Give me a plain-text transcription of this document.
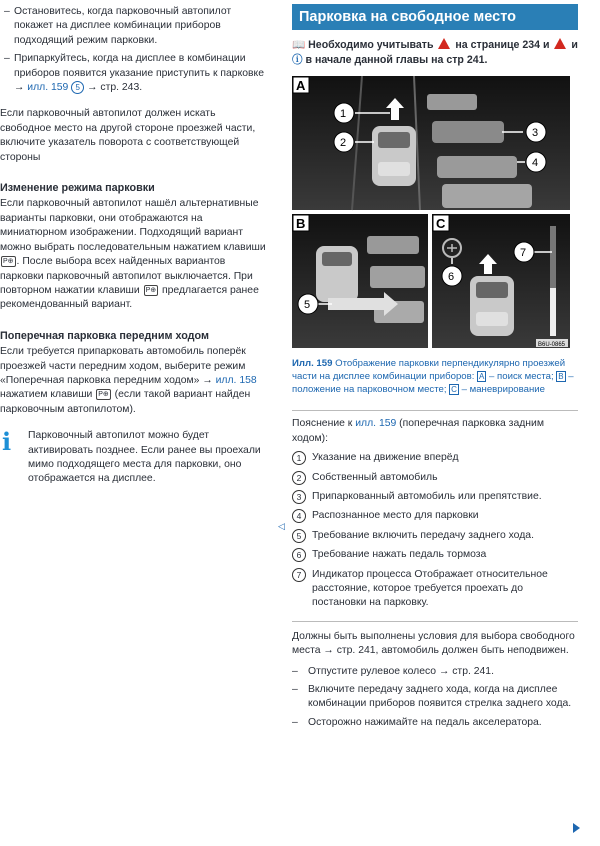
– Остановитесь, когда парковочный автопилот покажет на дисплее комбинации приборов подходящий режим парковки.
– Припаркуйтесь, когда на дисплее в комбинации приборов появится указание приступить к парковке → илл. 159 5 → стр. 243.

Если парковочный автопилот должен искать свободное место на другой стороне проезжей части, включите указатель поворота с соответствующей стороны

Изменение режима парковки

Если парковочный автопилот нашёл альтернативные варианты парковки, они отображаются на миниатюрном изображении. Подходящий вариант можно выбрать последовательным нажатием клавиши P⊕ . После выбора всех найденных вариантов парковки парковочный автопилот выключается. При повторном нажатии клавиши P⊕ предлагается ранее рекомендованный вариант.

Поперечная парковка передним ходом

Если требуется припарковать автомобиль поперёк проезжей части передним ходом, выберите режим «Поперечная парковка передним ходом» → илл. 158 нажатием клавиши P⊕ (если такой вариант найден парковочным автопилотом).

i	Парковочный автопилот можно будет активировать позднее. Если ранее вы проехали мимо подходящего места для парковки, оно отображается на дисплее.
◁
Парковка на свободное место
📖 Необходимо учитывать  на странице 234 и  и ⓘ в начале данной главы на стр 241.
A
1
2
3
4
B
5
C
6
7
B6U-0865
Илл. 159 Отображение парковки перпендикулярно проезжей части на дисплее комбинации приборов: A – поиск места; B – положение на парковочном месте; C – маневрирование
Пояснение к илл. 159 (поперечная парковка задним ходом):
1	Указание на движение вперёд
2	Собственный автомобиль
3	Припаркованный автомобиль или препятствие.
4	Распознанное место для парковки
5	Требование включить передачу заднего хода.
6	Требование нажать педаль тормоза
7	Индикатор процесса Отображает относительное расстояние, которое требуется проехать до постановки на парковку.

Должны быть выполнены условия для выбора свободного места → стр. 241, автомобиль должен быть неподвижен.

– Отпустите рулевое колесо → стр. 241.
– Включите передачу заднего хода, когда на дисплее комбинации приборов появится стрелка заднего хода.
– Осторожно нажимайте на педаль акселератора.
